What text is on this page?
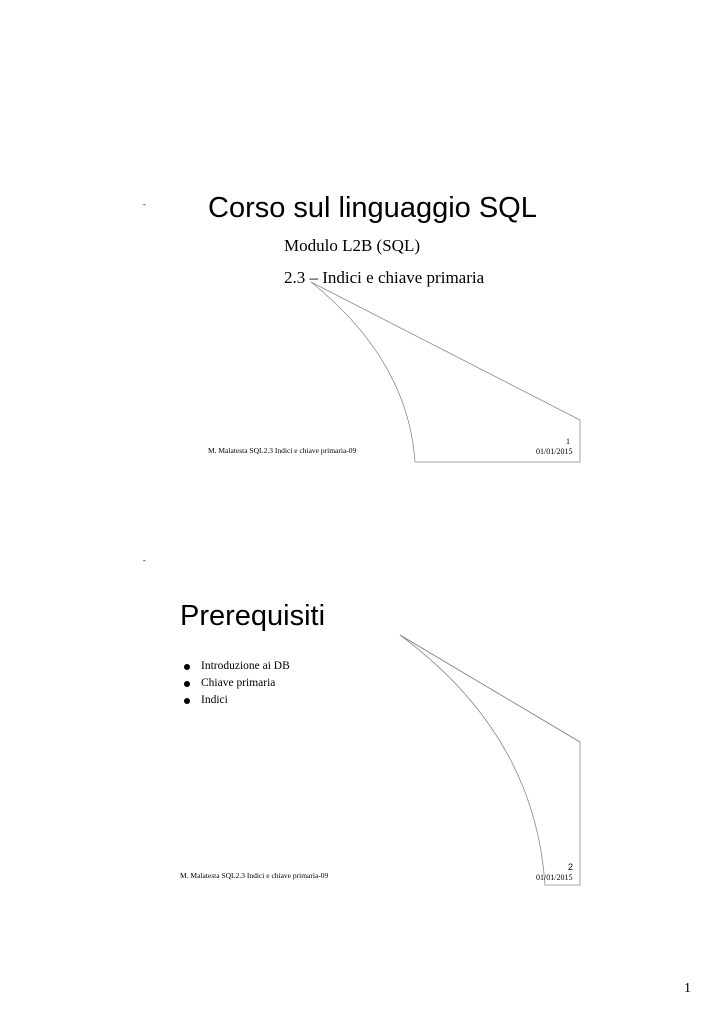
- Corso sul linguaggio SQL
Modulo L2B (SQL)
2.3 – Indici e chiave primaria
M. Malatesta SQL2.3 Indici e chiave primaria-09
1
01/01/2015
-
Prerequisiti
Introduzione ai DB
Chiave primaria
Indici
M. Malatesta SQL2.3 Indici e chiave primaria-09
2
01/01/2015
1
